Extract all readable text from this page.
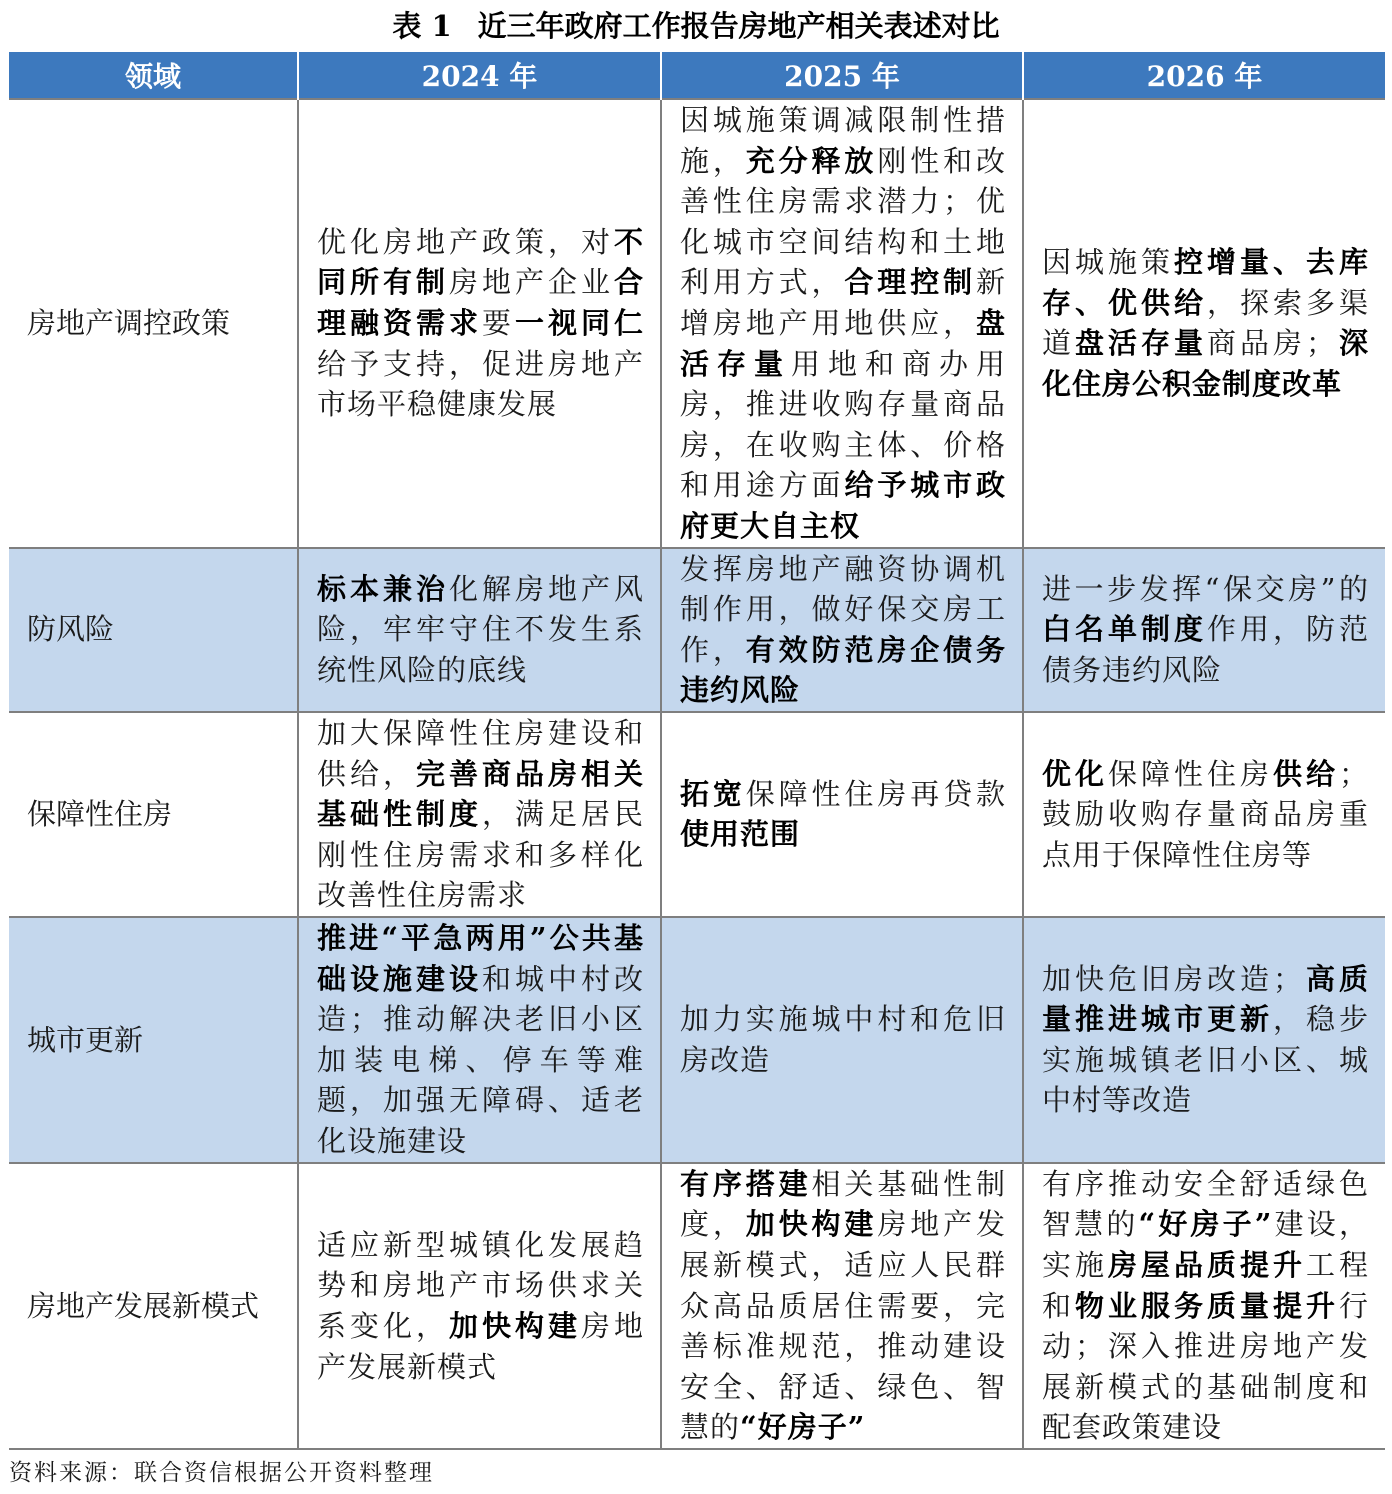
表 1 近三年政府工作报告房地产相关表述对比
领域	2024 年	2025 年	2026 年
房地产调控政策	优化房地产政策，对不同所有制房地产企业合理融资需求要一视同仁给予支持，促进房地产市场平稳健康发展	因城施策调减限制性措施，充分释放刚性和改善性住房需求潜力；优化城市空间结构和土地利用方式，合理控制新增房地产用地供应，盘活存量用地和商办用房，推进收购存量商品房，在收购主体、价格和用途方面给予城市政府更大自主权	因城施策控增量、去库存、优供给，探索多渠道盘活存量商品房；深化住房公积金制度改革
防风险	标本兼治化解房地产风险，牢牢守住不发生系统性风险的底线	发挥房地产融资协调机制作用，做好保交房工作，有效防范房企债务违约风险	进一步发挥“保交房”的白名单制度作用，防范债务违约风险
保障性住房	加大保障性住房建设和供给，完善商品房相关基础性制度，满足居民刚性住房需求和多样化改善性住房需求	拓宽保障性住房再贷款使用范围	优化保障性住房供给；鼓励收购存量商品房重点用于保障性住房等
城市更新	推进“平急两用”公共基础设施建设和城中村改造；推动解决老旧小区加装电梯、停车等难题，加强无障碍、适老化设施建设	加力实施城中村和危旧房改造	加快危旧房改造；高质量推进城市更新，稳步实施城镇老旧小区、城中村等改造
房地产发展新模式	适应新型城镇化发展趋势和房地产市场供求关系变化，加快构建房地产发展新模式	有序搭建相关基础性制度，加快构建房地产发展新模式，适应人民群众高品质居住需要，完善标准规范，推动建设安全、舒适、绿色、智慧的“好房子”	有序推动安全舒适绿色智慧的“好房子”建设，实施房屋品质提升工程和物业服务质量提升行动；深入推进房地产发展新模式的基础制度和配套政策建设
资料来源：联合资信根据公开资料整理
